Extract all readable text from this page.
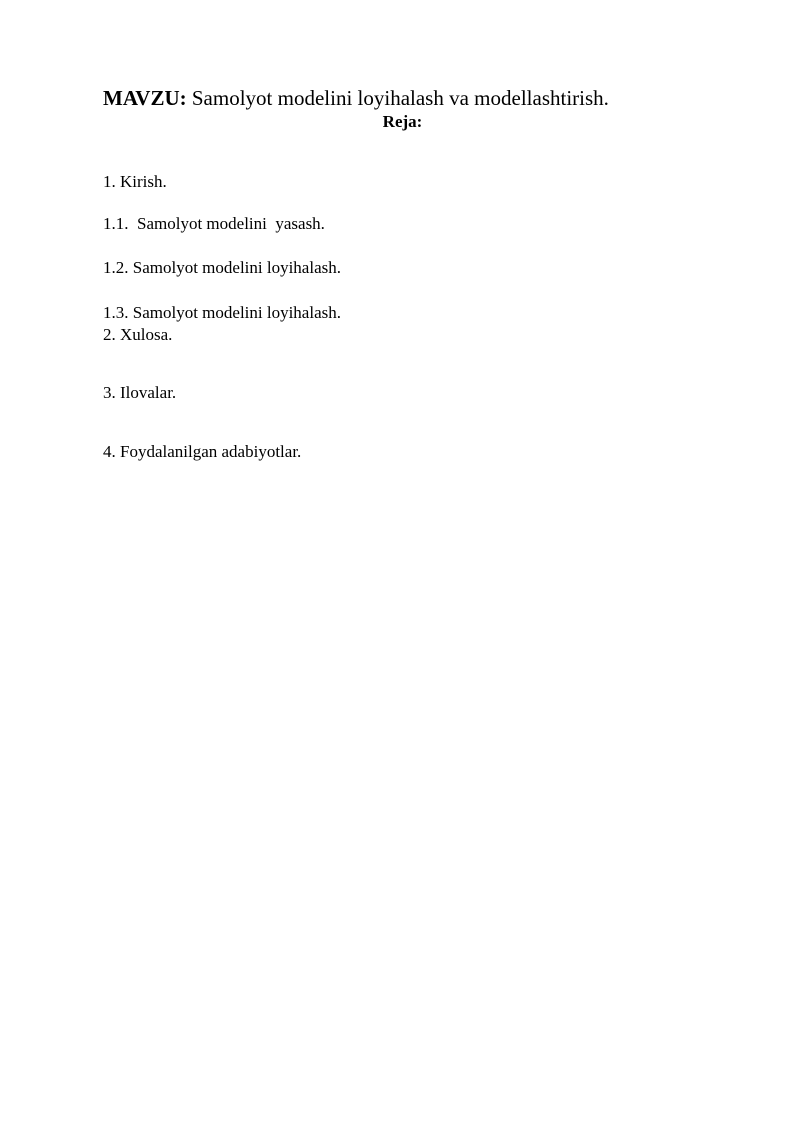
MAVZU: Samolyot modelini loyihalash va modellashtirish.
Reja:

1. Kirish.

1.1.  Samolyot modelini  yasash.

1.2. Samolyot modelini loyihalash.

1.3. Samolyot modelini loyihalash.

2. Xulosa.

3. Ilovalar.

4. Foydalanilgan adabiyotlar.
